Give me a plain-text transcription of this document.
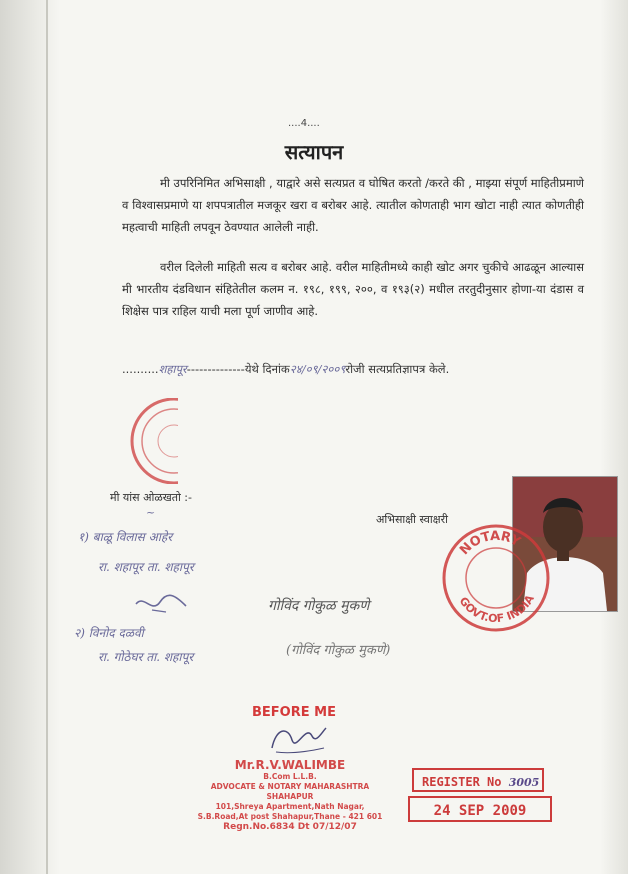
....4....
सत्यापन
मी उपरिनिमित अभिसाक्षी , याद्वारे असे सत्यप्रत व घोषित करतो /करते की , माझ्या संपूर्ण माहितीप्रमाणे व विश्वासप्रमाणे या शपपत्रातील मजकूर खरा व बरोबर आहे. त्यातील कोणताही भाग खोटा नाही त्यात कोणतीही महत्वाची माहिती लपवून ठेवण्यात आलेली नाही.
वरील दिलेली माहिती सत्य व बरोबर आहे. वरील माहितीमध्ये काही खोट अगर चुकीचे आढळून आल्यास मी भारतीय दंडविधान संहितेतील कलम न. १९८, १९९, २००, व १९३(२) मधील तरतुदीनुसार होणा-या दंडास व शिक्षेस पात्र राहिल याची मला पूर्ण जाणीव आहे.
..........शहापूर--------------येथे दिनांक२४/०९/२००९रोजी सत्यप्रतिज्ञापत्र केले.
मी यांस ओळखतो :-
~
१) बाळू विलास आहेर
रा. शहापूर ता. शहापूर
२) विनोद दळवी
रा. गोठेघर ता. शहापूर
अभिसाक्षी स्वाक्षरी
गोविंद गोकुळ मुकणे
(गोविंद गोकुळ मुकणे)
NOTARY
GOVT.OF INDIA
BEFORE ME
Mr.R.V.WALIMBE
B.Com L.L.B.
ADVOCATE & NOTARY MAHARASHTRA SHAHAPUR
101,Shreya Apartment,Nath Nagar,
S.B.Road,At post Shahapur,Thane - 421 601
Regn.No.6834 Dt 07/12/07
REGISTER No 3005
24 SEP 2009
